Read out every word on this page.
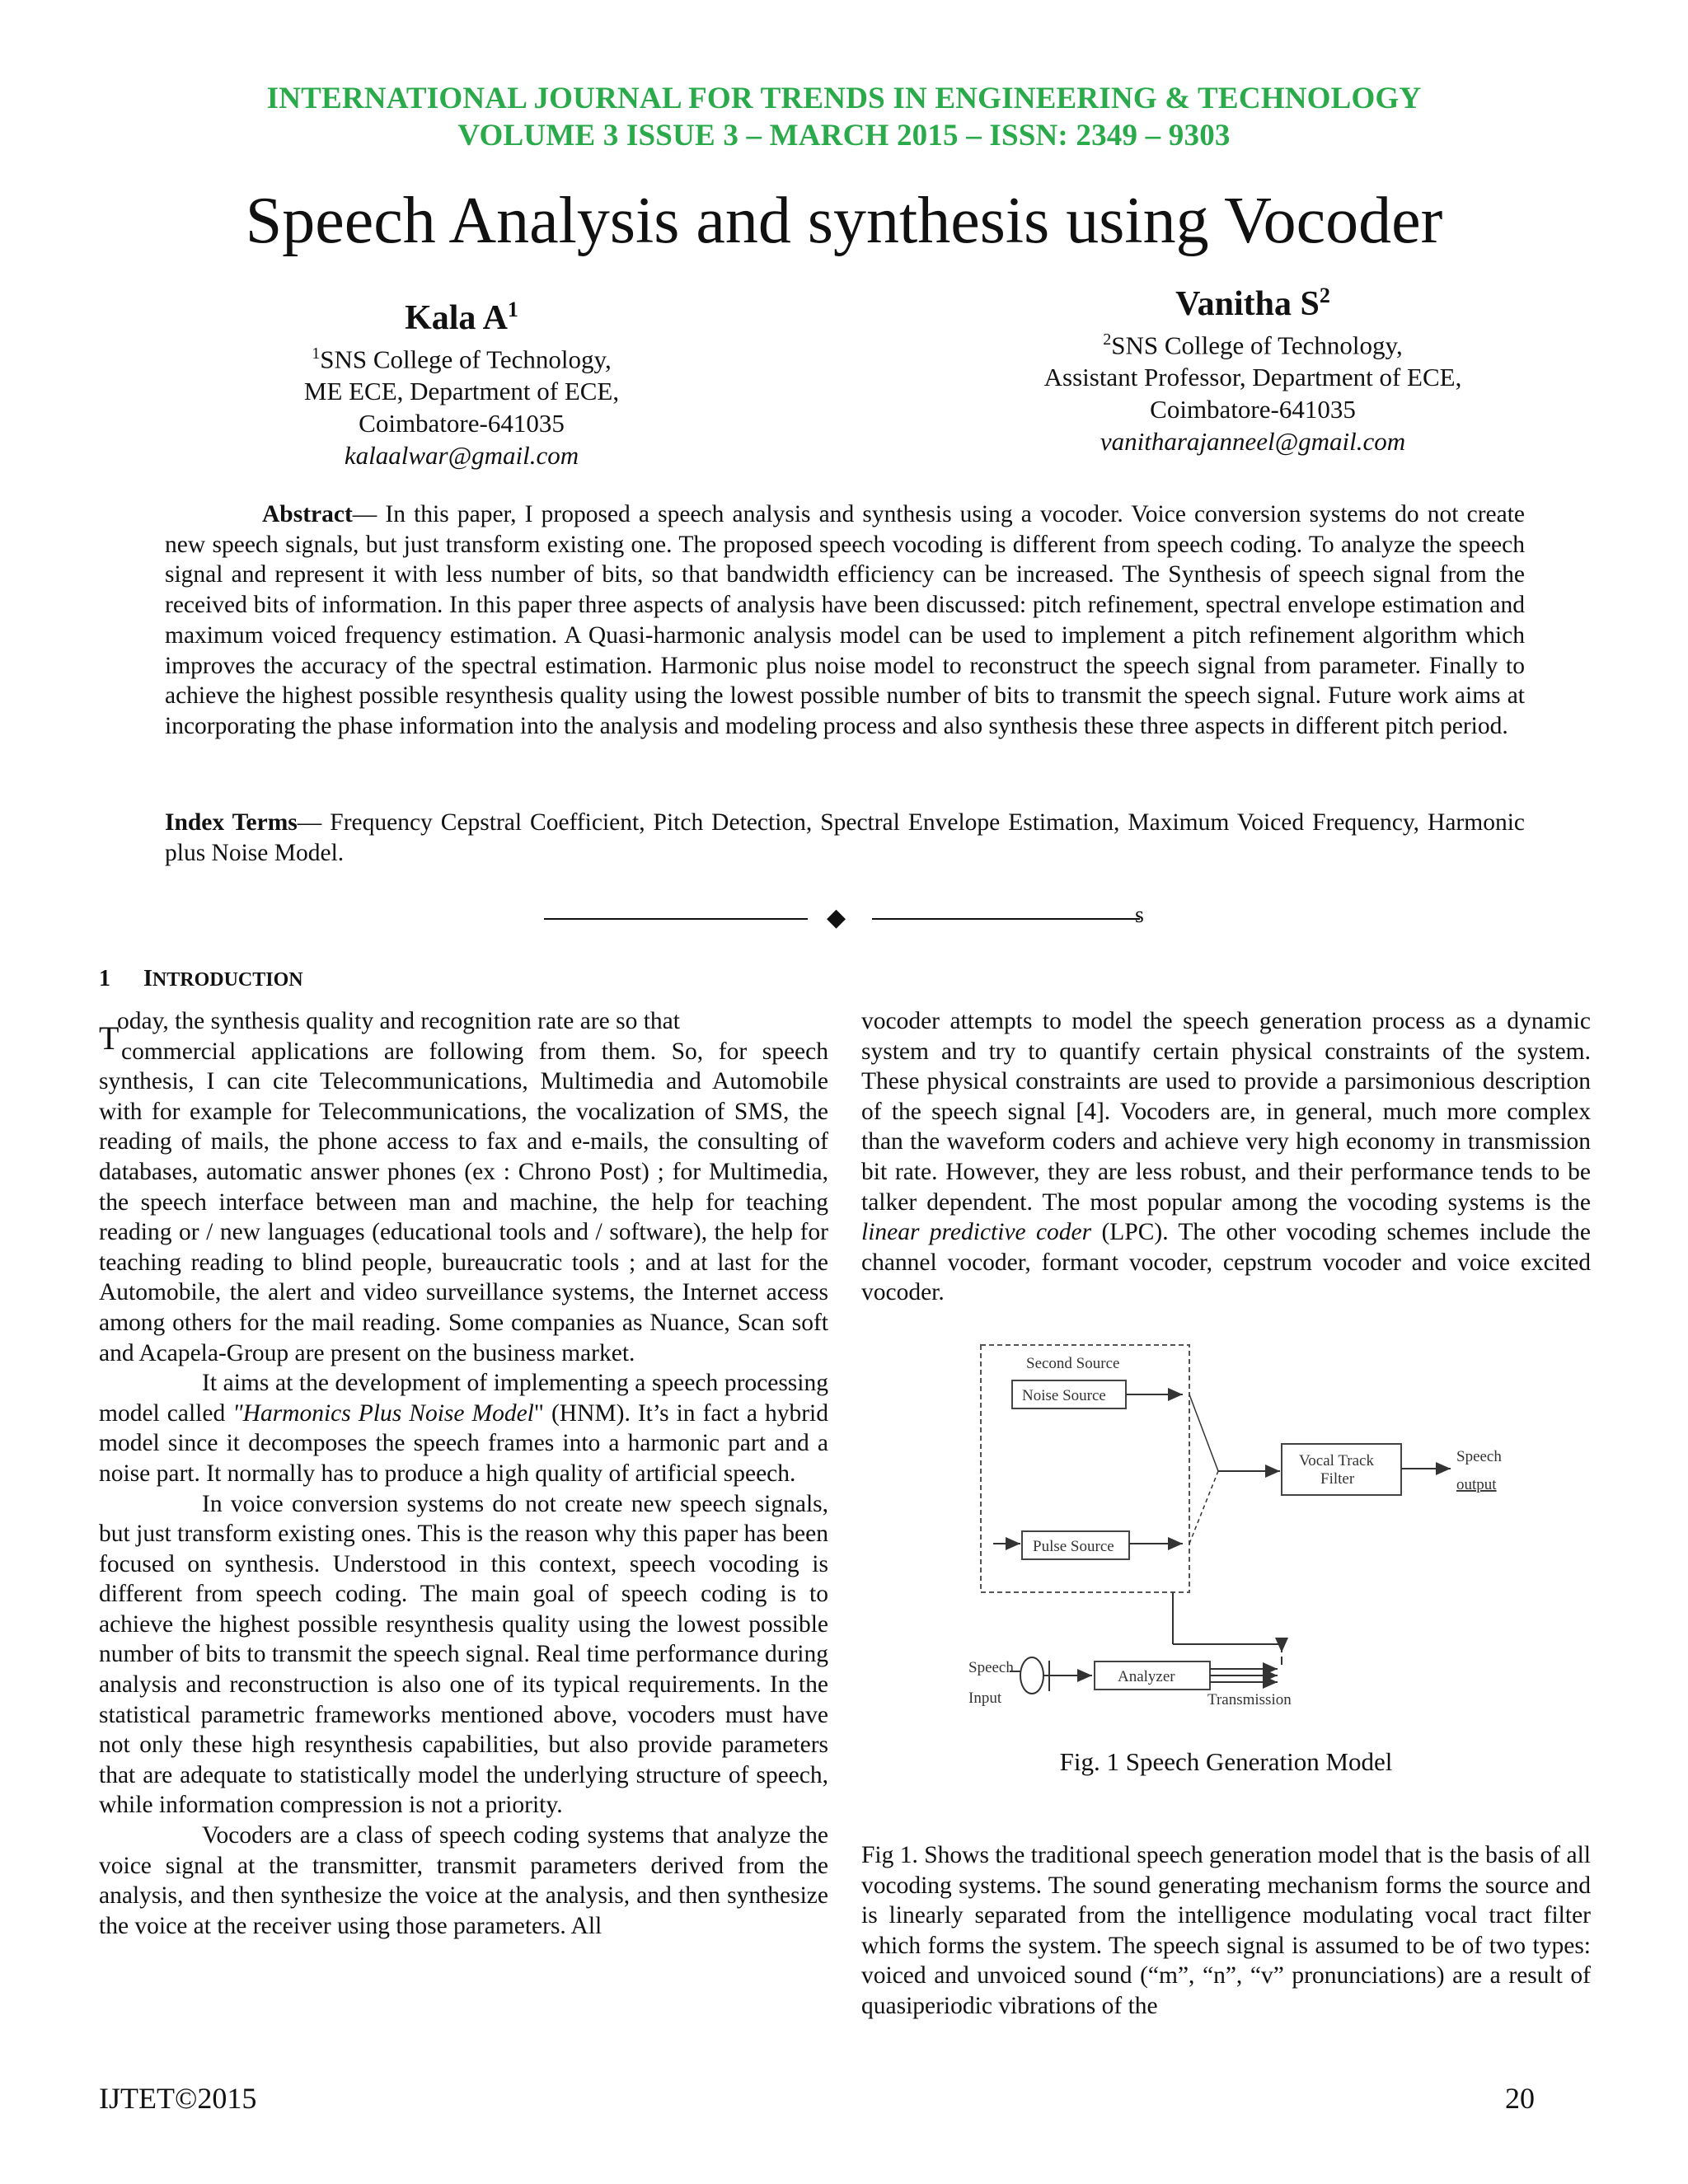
INTERNATIONAL JOURNAL FOR TRENDS IN ENGINEERING & TECHNOLOGY
VOLUME 3 ISSUE 3 – MARCH 2015 – ISSN: 2349 – 9303
Speech Analysis and synthesis using Vocoder
Kala $A^1$
$^1$SNS College of Technology,
ME ECE, Department of ECE,
Coimbatore-641035
kalaalwar@gmail.com
Vanitha $S^2$
$^2$SNS College of Technology,
Assistant Professor, Department of ECE,
Coimbatore-641035
vanitharajanneel@gmail.com
Abstract— In this paper, I proposed a speech analysis and synthesis using a vocoder. Voice conversion systems do not create new speech signals, but just transform existing one. The proposed speech vocoding is different from speech coding. To analyze the speech signal and represent it with less number of bits, so that bandwidth efficiency can be increased. The Synthesis of speech signal from the received bits of information. In this paper three aspects of analysis have been discussed: pitch refinement, spectral envelope estimation and maximum voiced frequency estimation. A Quasi-harmonic analysis model can be used to implement a pitch refinement algorithm which improves the accuracy of the spectral estimation. Harmonic plus noise model to reconstruct the speech signal from parameter. Finally to achieve the highest possible resynthesis quality using the lowest possible number of bits to transmit the speech signal. Future work aims at incorporating the phase information into the analysis and modeling process and also synthesis these three aspects in different pitch period.
Index Terms— Frequency Cepstral Coefficient, Pitch Detection, Spectral Envelope Estimation, Maximum Voiced Frequency, Harmonic plus Noise Model.
◆	s
1 INTRODUCTION
T

oday, the synthesis quality and recognition rate are so that
commercial applications are following from them. So, for speech synthesis, I can cite Telecommunications, Multimedia and Automobile with for example for Telecommunications, the vocalization of SMS, the reading of mails, the phone access to fax and e-mails, the consulting of databases, automatic answer phones (ex : Chrono Post) ; for Multimedia, the speech interface between man and machine, the help for teaching reading or / new languages (educational tools and / software), the help for teaching reading to blind people, bureaucratic tools ; and at last for the Automobile, the alert and video surveillance systems, the Internet access among others for the mail reading. Some companies as Nuance, Scan soft and Acapela-Group are present on the business market.

It aims at the development of implementing a speech processing model called "Harmonics Plus Noise Model" (HNM). It’s in fact a hybrid model since it decomposes the speech frames into a harmonic part and a noise part. It normally has to produce a high quality of artificial speech.

In voice conversion systems do not create new speech signals, but just transform existing ones. This is the reason why this paper has been focused on synthesis. Understood in this context, speech vocoding is different from speech coding. The main goal of speech coding is to achieve the highest possible resynthesis quality using the lowest possible number of bits to transmit the speech signal. Real time performance during analysis and reconstruction is also one of its typical requirements. In the statistical parametric frameworks mentioned above, vocoders must have not only these high resynthesis capabilities, but also provide parameters that are adequate to statistically model the underlying structure of speech, while information compression is not a priority.

Vocoders are a class of speech coding systems that analyze the voice signal at the transmitter, transmit parameters derived from the analysis, and then synthesize the voice at the analysis, and then synthesize the voice at the receiver using those parameters. All

vocoder attempts to model the speech generation process as a dynamic system and try to quantify certain physical constraints of the system. These physical constraints are used to provide a parsimonious description of the speech signal [4]. Vocoders are, in general, much more complex than the waveform coders and achieve very high economy in transmission bit rate. However, they are less robust, and their performance tends to be talker dependent. The most popular among the vocoding systems is the linear predictive coder (LPC). The other vocoding schemes include the channel vocoder, formant vocoder, cepstrum vocoder and voice excited vocoder.

Second Source
Noise Source
Pulse Source
Vocal Track
Filter
Speech
output
Speech
Input
Analyzer
Transmission
Fig. 1 Speech Generation Model

Fig 1. Shows the traditional speech generation model that is the basis of all vocoding systems. The sound generating mechanism forms the source and is linearly separated from the intelligence modulating vocal tract filter which forms the system. The speech signal is assumed to be of two types: voiced and unvoiced sound (“m”, “n”, “v” pronunciations) are a result of quasiperiodic vibrations of the

IJTET©2015	20
